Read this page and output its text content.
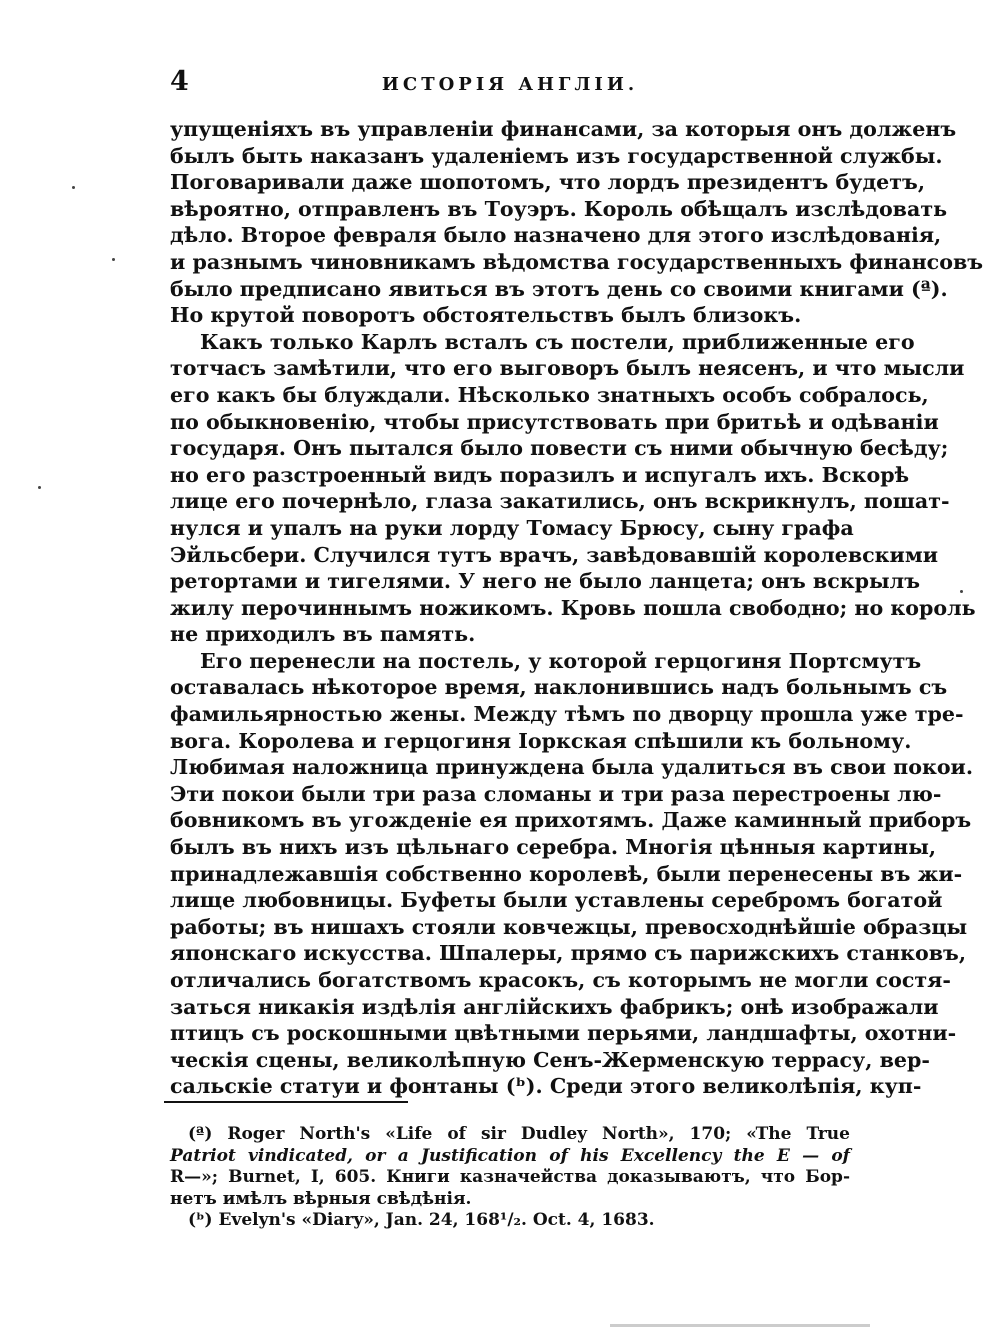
4	ИСТОРІЯ АНГЛІИ.

упущеніяхъ въ управленіи финансами, за которыя онъ долженъ
былъ быть наказанъ удаленіемъ изъ государственной службы.
Поговаривали даже шопотомъ, что лордъ президентъ будетъ,
вѣроятно, отправленъ въ Тоуэръ. Король обѣщалъ изслѣдовать
дѣло. Второе февраля было назначено для этого изслѣдованія,
и разнымъ чиновникамъ вѣдомства государственныхъ финансовъ
было предписано явиться въ этотъ день со своими книгами (ª).
Но крутой поворотъ обстоятельствъ былъ близокъ.

Какъ только Карлъ всталъ съ постели, приближенные его
тотчасъ замѣтили, что его выговоръ былъ неясенъ, и что мысли
его какъ бы блуждали. Нѣсколько знатныхъ особъ собралось,
по обыкновенію, чтобы присутствовать при бритьѣ и одѣваніи
государя. Онъ пытался было повести съ ними обычную бесѣду;
но его разстроенный видъ поразилъ и испугалъ ихъ. Вскорѣ
лице его почернѣло, глаза закатились, онъ вскрикнулъ, пошат-
нулся и упалъ на руки лорду Томасу Брюсу, сыну графа
Эйльсбери. Случился тутъ врачъ, завѣдовавшій королевскими
ретортами и тигелями. У него не было ланцета; онъ вскрылъ
жилу перочиннымъ ножикомъ. Кровь пошла свободно; но король
не приходилъ въ память.

Его перенесли на постель, у которой герцогиня Портсмутъ
оставалась нѣкоторое время, наклонившись надъ больнымъ съ
фамильярностью жены. Между тѣмъ по дворцу прошла уже тре-
вога. Королева и герцогиня Іоркская спѣшили къ больному.
Любимая наложница принуждена была удалиться въ свои покои.
Эти покои были три раза сломаны и три раза перестроены лю-
бовникомъ въ угожденіе ея прихотямъ. Даже каминный приборъ
былъ въ нихъ изъ цѣльнаго серебра. Многія цѣнныя картины,
принадлежавшія собственно королевѣ, были перенесены въ жи-
лище любовницы. Буфеты были уставлены серебромъ богатой
работы; въ нишахъ стояли ковчежцы, превосходнѣйшіе образцы
японскаго искусства. Шпалеры, прямо съ парижскихъ станковъ,
отличались богатствомъ красокъ, съ которымъ не могли состя-
заться никакія издѣлія англійскихъ фабрикъ; онѣ изображали
птицъ съ роскошными цвѣтными перьями, ландшафты, охотни-
ческія сцены, великолѣпную Сенъ-Жерменскую террасу, вер-
сальскіе статуи и фонтаны (ᵇ). Среди этого великолѣпія, куп-

(ª) Roger North's «Life of sir Dudley North», 170; «The True
Patriot vindicated, or a Justification of his Excellency the E — of
R—»; Burnet, I, 605. Книги казначейства доказываютъ, что Бор-
нетъ имѣлъ вѣрныя свѣдѣнія.

(ᵇ) Evelyn's «Diary», Jan. 24, 168¹/₂. Oct. 4, 1683.
